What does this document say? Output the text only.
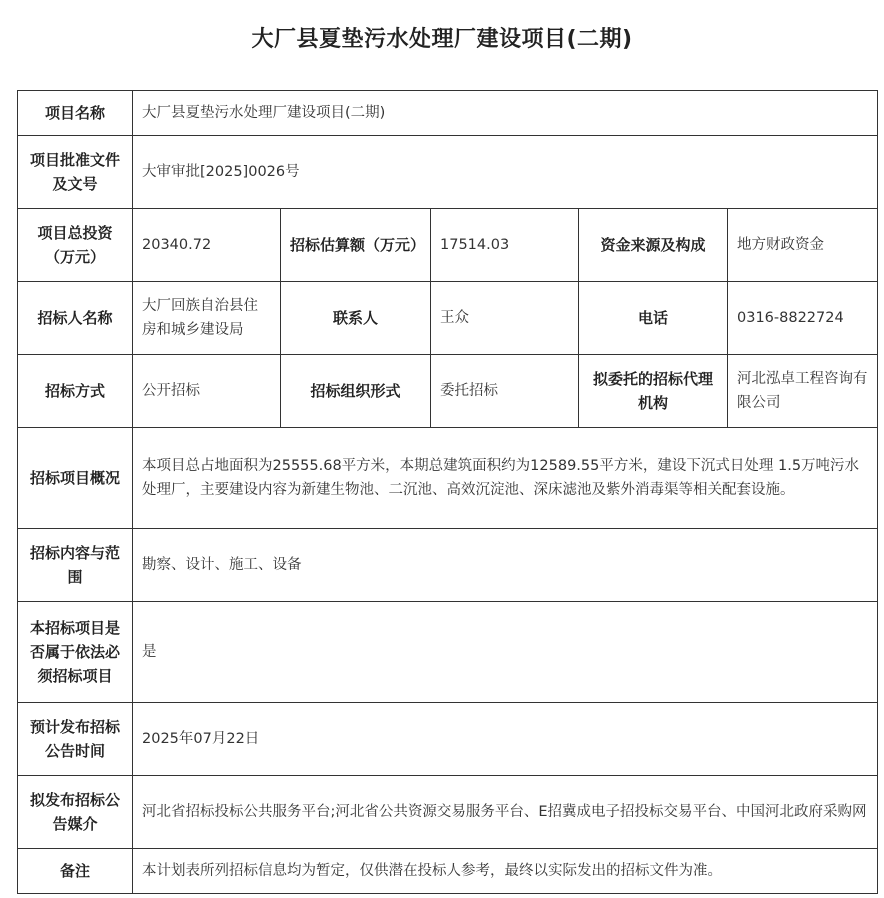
大厂县夏垫污水处理厂建设项目(二期)
项目名称	大厂县夏垫污水处理厂建设项目(二期)				
项目批准文件及文号	大审审批[2025]0026号				
项目总投资（万元）	20340.72	招标估算额（万元）	17514.03	资金来源及构成	地方财政资金
招标人名称	大厂回族自治县住房和城乡建设局	联系人	王众	电话	0316-8822724
招标方式	公开招标	招标组织形式	委托招标	拟委托的招标代理机构	河北泓卓工程咨询有限公司
招标项目概况	本项目总占地面积为25555.68平方米，本期总建筑面积约为12589.55平方米，建设下沉式日处理 1.5万吨污水处理厂，主要建设内容为新建生物池、二沉池、高效沉淀池、深床滤池及紫外消毒渠等相关配套设施。				
招标内容与范围	勘察、设计、施工、设备				
本招标项目是否属于依法必须招标项目	是				
预计发布招标公告时间	2025年07月22日				
拟发布招标公告媒介	河北省招标投标公共服务平台;河北省公共资源交易服务平台、E招冀成电子招投标交易平台、中国河北政府采购网				
备注	本计划表所列招标信息均为暂定，仅供潜在投标人参考，最终以实际发出的招标文件为准。				
